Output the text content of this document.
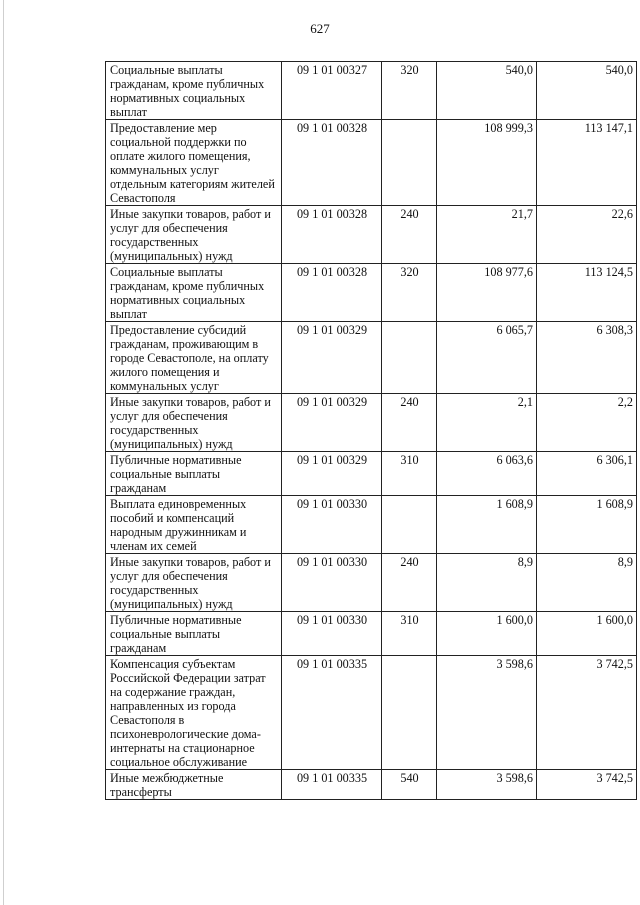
627
Социальные выплаты гражданам, кроме публичных нормативных социальных выплат	09 1 01 00327	320	540,0	540,0
Предоставление мер социальной поддержки по оплате жилого помещения, коммунальных услуг отдельным категориям жителей Севастополя	09 1 01 00328		108 999,3	113 147,1
Иные закупки товаров, работ и услуг для обеспечения государственных (муниципальных) нужд	09 1 01 00328	240	21,7	22,6
Социальные выплаты гражданам, кроме публичных нормативных социальных выплат	09 1 01 00328	320	108 977,6	113 124,5
Предоставление субсидий гражданам, проживающим в городе Севастополе, на оплату жилого помещения и коммунальных услуг	09 1 01 00329		6 065,7	6 308,3
Иные закупки товаров, работ и услуг для обеспечения государственных (муниципальных) нужд	09 1 01 00329	240	2,1	2,2
Публичные нормативные социальные выплаты гражданам	09 1 01 00329	310	6 063,6	6 306,1
Выплата единовременных пособий и компенсаций народным дружинникам и членам их семей	09 1 01 00330		1 608,9	1 608,9
Иные закупки товаров, работ и услуг для обеспечения государственных (муниципальных) нужд	09 1 01 00330	240	8,9	8,9
Публичные нормативные социальные выплаты гражданам	09 1 01 00330	310	1 600,0	1 600,0
Компенсация субъектам Российской Федерации затрат на содержание граждан, направленных из города Севастополя в психоневрологические дома-интернаты на стационарное социальное обслуживание	09 1 01 00335		3 598,6	3 742,5
Иные межбюджетные трансферты	09 1 01 00335	540	3 598,6	3 742,5
